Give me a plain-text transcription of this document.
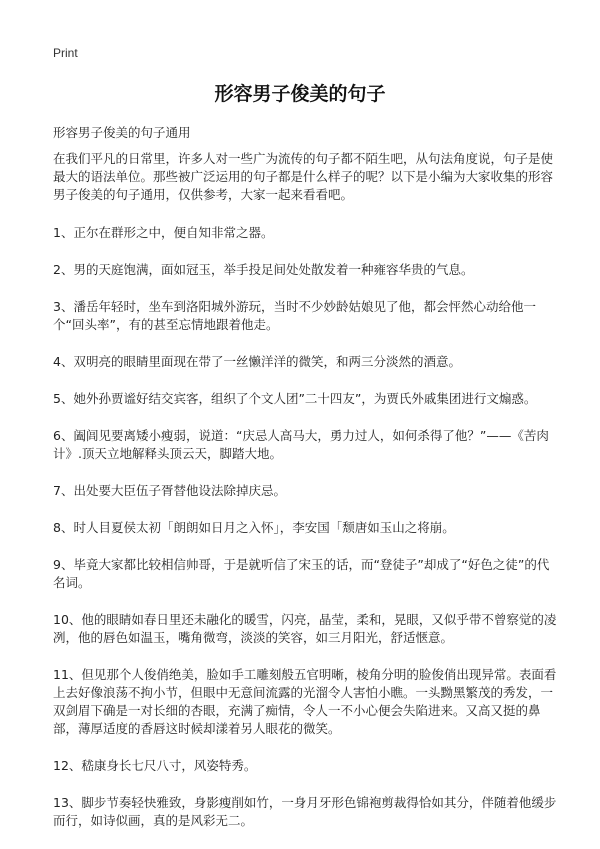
Print
形容男子俊美的句子

形容男子俊美的句子通用

在我们平凡的日常里，许多人对一些广为流传的句子都不陌生吧，从句法角度说，句子是使最大的语法单位。那些被广泛运用的句子都是什么样子的呢？以下是小编为大家收集的形容男子俊美的句子通用，仅供参考，大家一起来看看吧。

1、正尔在群形之中，便自知非常之器。

2、男的天庭饱满，面如冠玉，举手投足间处处散发着一种雍容华贵的气息。

3、潘岳年轻时，坐车到洛阳城外游玩，当时不少妙龄姑娘见了他，都会怦然心动给他一个“回头率”，有的甚至忘情地跟着他走。

4、双明亮的眼睛里面现在带了一丝懒洋洋的微笑，和两三分淡然的酒意。

5、她外孙贾谧好结交宾客，组织了个文人团”二十四友”，为贾氏外戚集团进行文煽惑。

6、阖闾见要离矮小瘦弱，说道：“庆忌人高马大，勇力过人，如何杀得了他？”——《苦肉计》.顶天立地解释头顶云天，脚踏大地。

7、出处要大臣伍子胥替他设法除掉庆忌。

8、时人目夏侯太初「朗朗如日月之入怀」，李安国「颓唐如玉山之将崩。

9、毕竟大家都比较相信帅哥，于是就听信了宋玉的话，而“登徒子”却成了“好色之徒”的代名词。

10、他的眼睛如春日里还未融化的暖雪，闪亮，晶莹，柔和，晃眼，又似乎带不曾察觉的凌冽，他的唇色如温玉，嘴角微弯，淡淡的笑容，如三月阳光，舒适惬意。

11、但见那个人俊俏绝美，脸如手工雕刻般五官明晰，棱角分明的脸俊俏出现异常。表面看上去好像浪荡不拘小节，但眼中无意间流露的光溜令人害怕小瞧。一头黝黑繁茂的秀发，一双剑眉下确是一对长细的杏眼，充满了痴情，令人一不小心便会失陷进来。又高又挺的鼻部，薄厚适度的香唇这时候却漾着另人眼花的微笑。

12、嵇康身长七尺八寸，风姿特秀。

13、脚步节奏轻快雅致，身影瘦削如竹，一身月牙形色锦袍剪裁得恰如其分，伴随着他缓步而行，如诗似画，真的是风彩无二。
